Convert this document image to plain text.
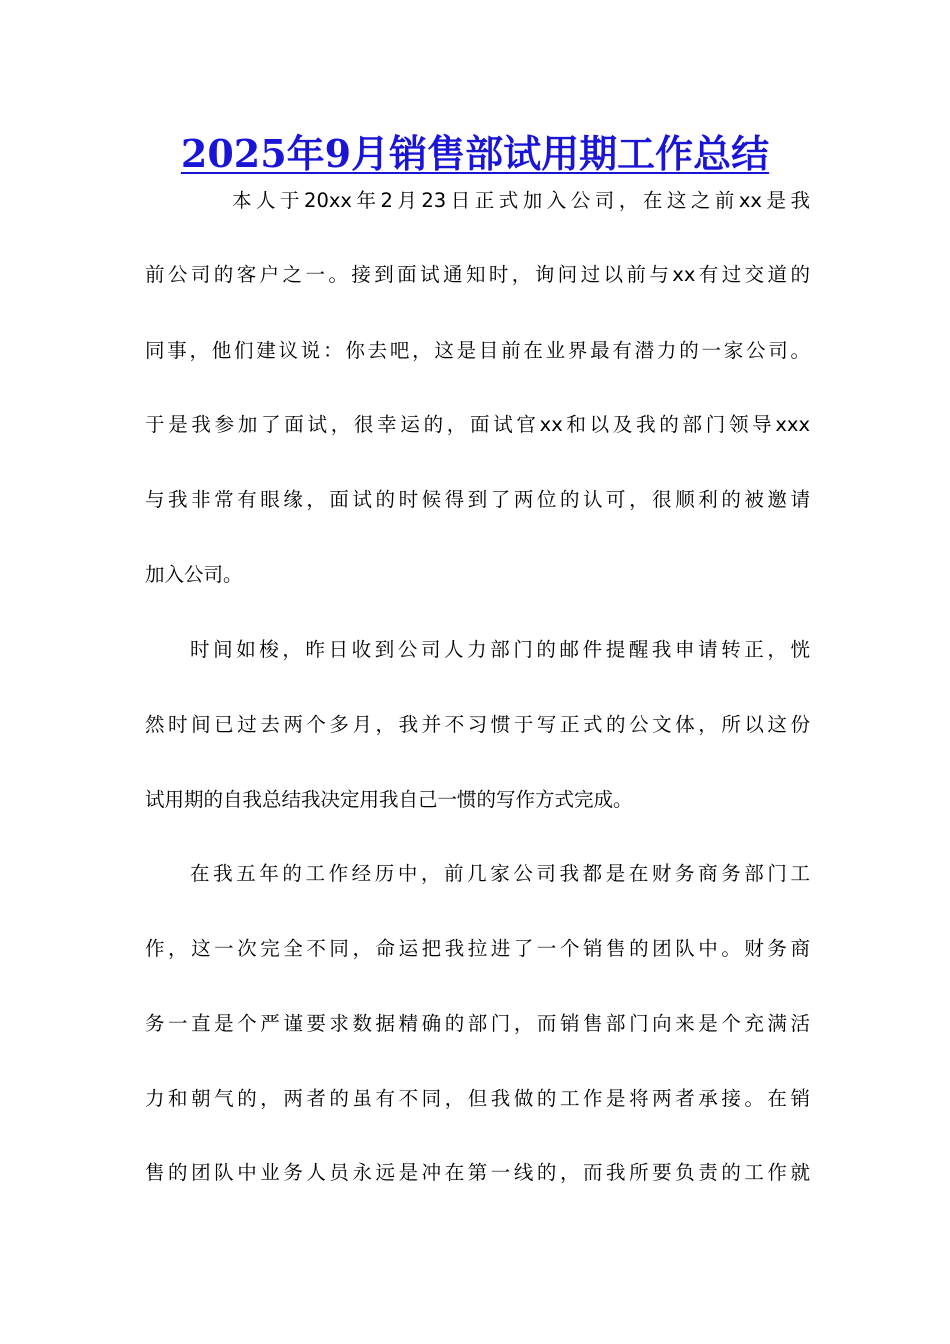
2025年9月销售部试用期工作总结
本人于20xx年2月23日正式加入公司，在这之前xx是我
前公司的客户之一。接到面试通知时，询问过以前与xx有过交道的
同事，他们建议说：你去吧，这是目前在业界最有潜力的一家公司。
于是我参加了面试，很幸运的，面试官xx和以及我的部门领导xxx
与我非常有眼缘，面试的时候得到了两位的认可，很顺利的被邀请
加入公司。
时间如梭，昨日收到公司人力部门的邮件提醒我申请转正，恍
然时间已过去两个多月，我并不习惯于写正式的公文体，所以这份
试用期的自我总结我决定用我自己一惯的写作方式完成。
在我五年的工作经历中，前几家公司我都是在财务商务部门工
作，这一次完全不同，命运把我拉进了一个销售的团队中。财务商
务一直是个严谨要求数据精确的部门，而销售部门向来是个充满活
力和朝气的，两者的虽有不同，但我做的工作是将两者承接。在销
售的团队中业务人员永远是冲在第一线的，而我所要负责的工作就
